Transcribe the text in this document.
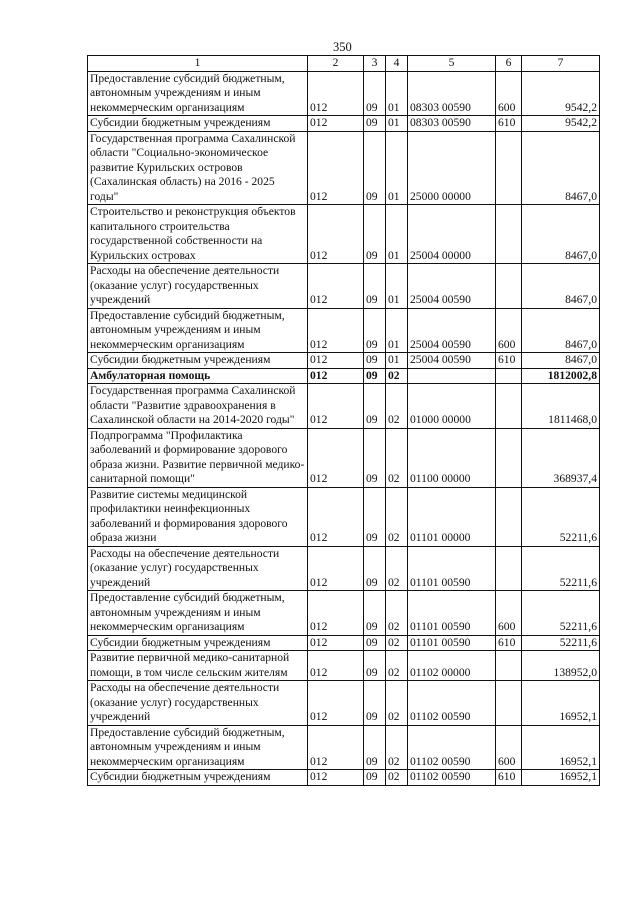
350
1	2	3	4	5	6	7
Предоставление субсидий бюджетным, автономным учреждениям и иным некоммерческим организациям	012	09	01	08303 00590	600	9542,2
Субсидии бюджетным учреждениям	012	09	01	08303 00590	610	9542,2
Государственная программа Сахалинской области "Социально-экономическое развитие Курильских островов (Сахалинская область) на 2016 - 2025 годы"	012	09	01	25000 00000		8467,0
Строительство и реконструкция объектов капитального строительства государственной собственности на Курильских островах	012	09	01	25004 00000		8467,0
Расходы на обеспечение деятельности (оказание услуг) государственных учреждений	012	09	01	25004 00590		8467,0
Предоставление субсидий бюджетным, автономным учреждениям и иным некоммерческим организациям	012	09	01	25004 00590	600	8467,0
Субсидии бюджетным учреждениям	012	09	01	25004 00590	610	8467,0
Амбулаторная помощь	012	09	02			1812002,8
Государственная программа Сахалинской области "Развитие здравоохранения в Сахалинской области на 2014-2020 годы"	012	09	02	01000 00000		1811468,0
Подпрограмма "Профилактика заболеваний и формирование здорового образа жизни. Развитие первичной медико-санитарной помощи"	012	09	02	01100 00000		368937,4
Развитие системы медицинской профилактики неинфекционных заболеваний и формирования здорового образа жизни	012	09	02	01101 00000		52211,6
Расходы на обеспечение деятельности (оказание услуг) государственных учреждений	012	09	02	01101 00590		52211,6
Предоставление субсидий бюджетным, автономным учреждениям и иным некоммерческим организациям	012	09	02	01101 00590	600	52211,6
Субсидии бюджетным учреждениям	012	09	02	01101 00590	610	52211,6
Развитие первичной медико-санитарной помощи, в том числе сельским жителям	012	09	02	01102 00000		138952,0
Расходы на обеспечение деятельности (оказание услуг) государственных учреждений	012	09	02	01102 00590		16952,1
Предоставление субсидий бюджетным, автономным учреждениям и иным некоммерческим организациям	012	09	02	01102 00590	600	16952,1
Субсидии бюджетным учреждениям	012	09	02	01102 00590	610	16952,1
